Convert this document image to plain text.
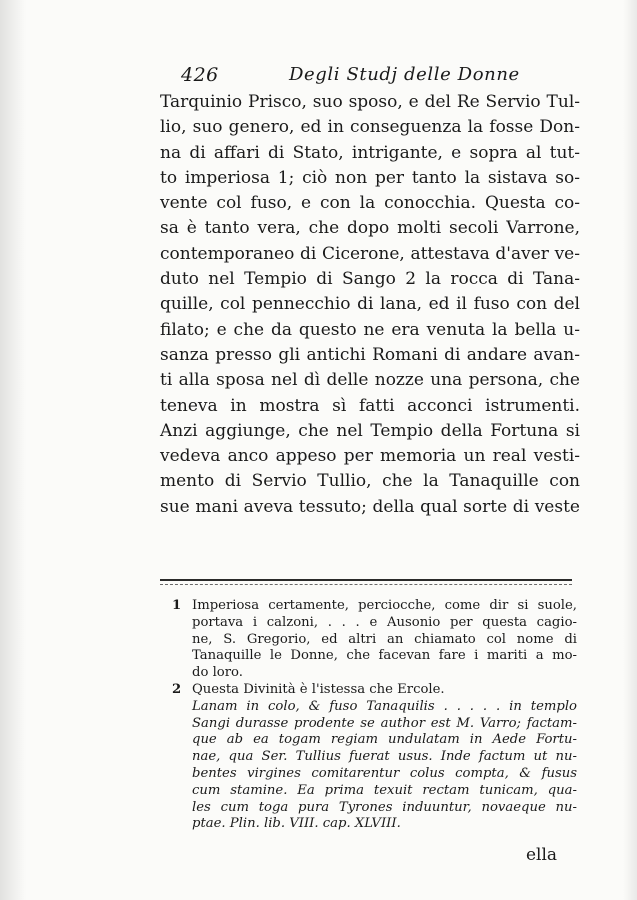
426	Degli Studj delle Donne
Tarquinio Prisco, suo sposo, e del Re Servio Tul-
lio, suo genero, ed in conseguenza la fosse Don-
na di affari di Stato, intrigante, e sopra al tut-
to imperiosa 1; ciò non per tanto la sistava so-
vente col fuso, e con la conocchia. Questa co-
sa è tanto vera, che dopo molti secoli Varrone,
contemporaneo di Cicerone, attestava d'aver ve-
duto nel Tempio di Sango 2 la rocca di Tana-
quille, col pennecchio di lana, ed il fuso con del
filato; e che da questo ne era venuta la bella u-
sanza presso gli antichi Romani di andare avan-
ti alla sposa nel dì delle nozze una persona, che
teneva in mostra sì fatti acconci istrumenti.
Anzi aggiunge, che nel Tempio della Fortuna si
vedeva anco appeso per memoria un real vesti-
mento di Servio Tullio, che la Tanaquille con
sue mani aveva tessuto; della qual sorte di veste
1 Imperiosa certamente, perciocche, come dir si suole,
portava i calzoni, . . . e Ausonio per questa cagio-
ne, S. Gregorio, ed altri an chiamato col nome di
Tanaquille le Donne, che facevan fare i mariti a mo-
do loro.
2 Questa Divinità è l'istessa che Ercole.
Lanam in colo, & fuso Tanaquilis . . . . . in templo
Sangi durasse prodente se author est M. Varro; factam-
que ab ea togam regiam undulatam in Aede Fortu-
nae, qua Ser. Tullius fuerat usus. Inde factum ut nu-
bentes virgines comitarentur colus compta, & fusus
cum stamine. Ea prima texuit rectam tunicam, qua-
les cum toga pura Tyrones induuntur, novaeque nu-
ptae. Plin. lib. VIII. cap. XLVIII.
ella
